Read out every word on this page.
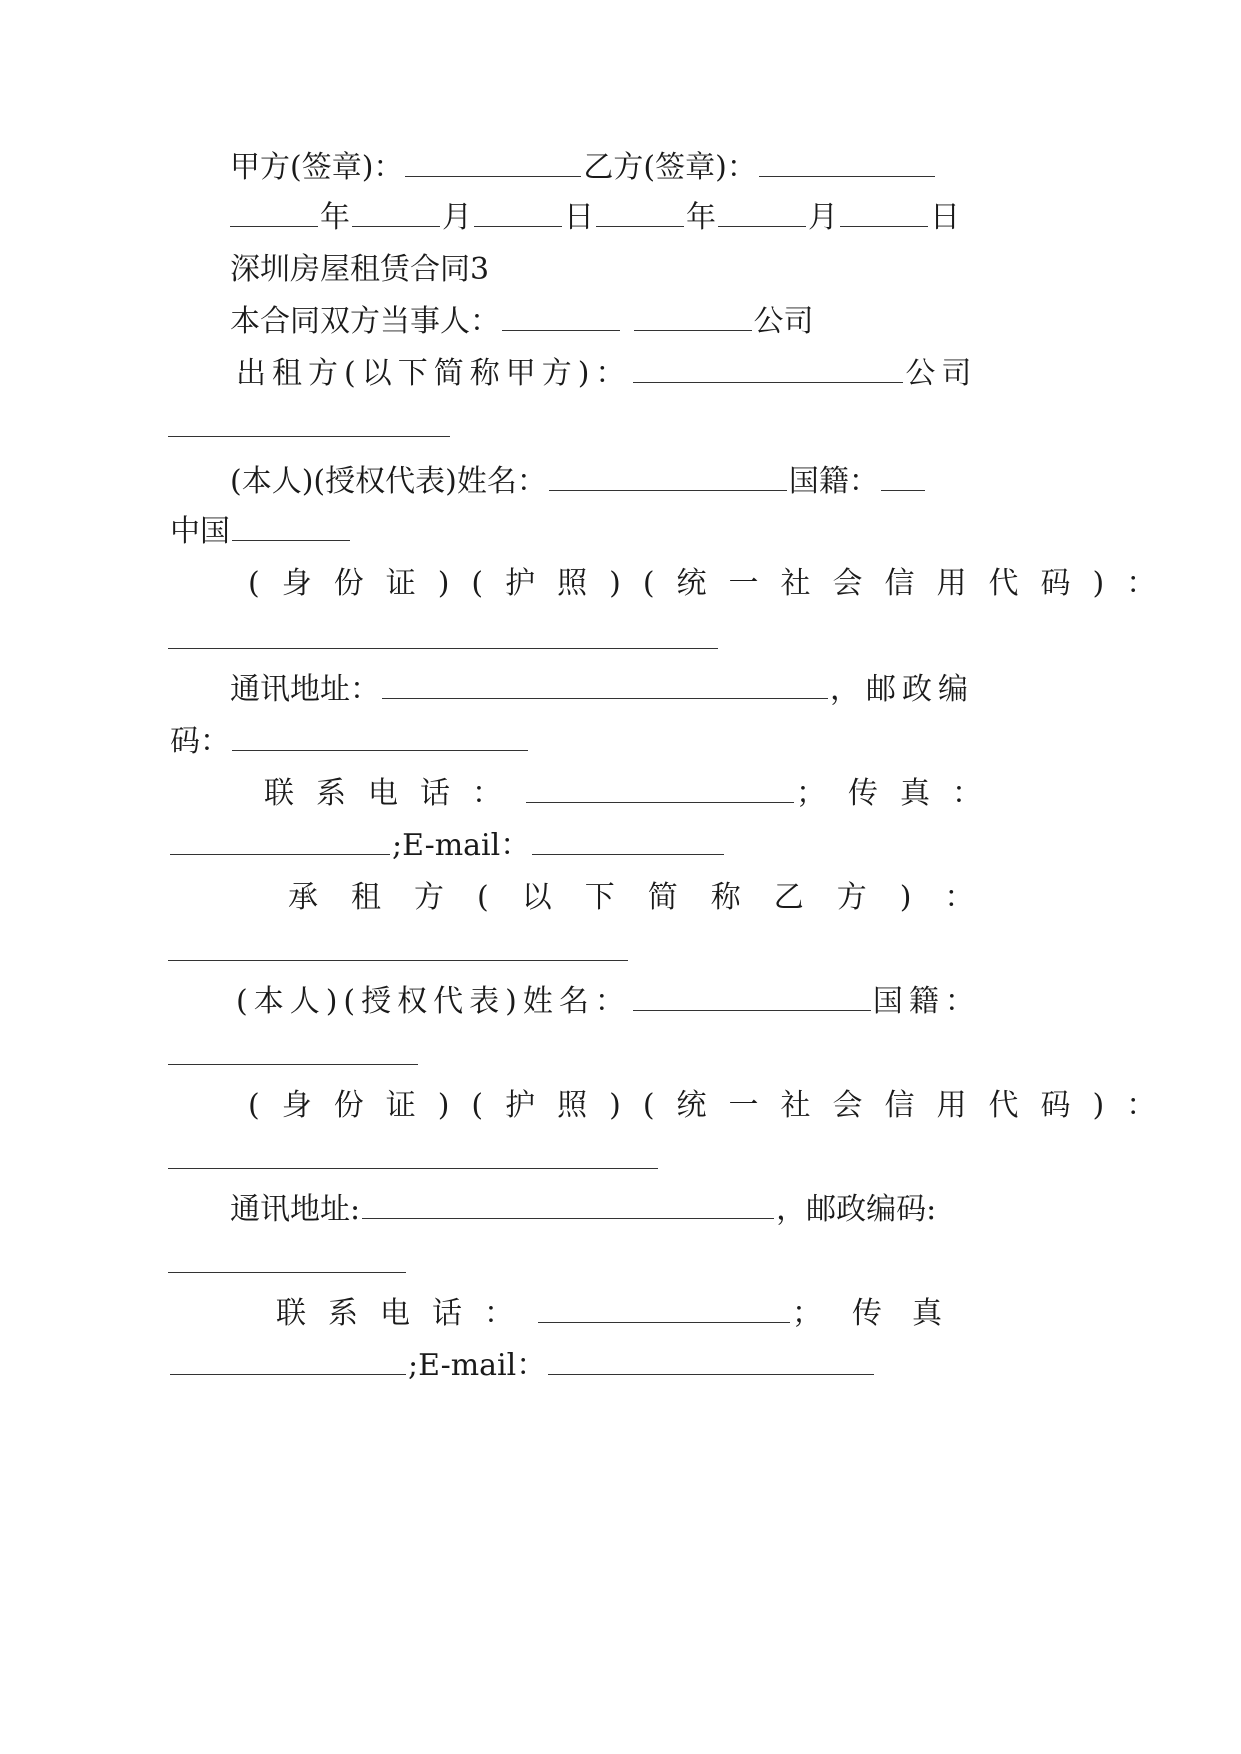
甲方(签章)：	乙方(签章)：
年	月	日	年	月	日
深圳房屋租赁合同3
本合同双方当事人：	公司
出租方(以下简称甲方)：	公司
(本人)(授权代表)姓名：	国籍：
中国
(身份证)(护照)(统一社会信用代码)：
通讯地址：	，邮政编
码：
联系电话：	；传真：
;E-mail：
承租方(以下简称乙方)：
(本人)(授权代表)姓名：	国籍：
(身份证)(护照)(统一社会信用代码)：
通讯地址:	，邮政编码:
联系电话：	；传真
;E-mail：
